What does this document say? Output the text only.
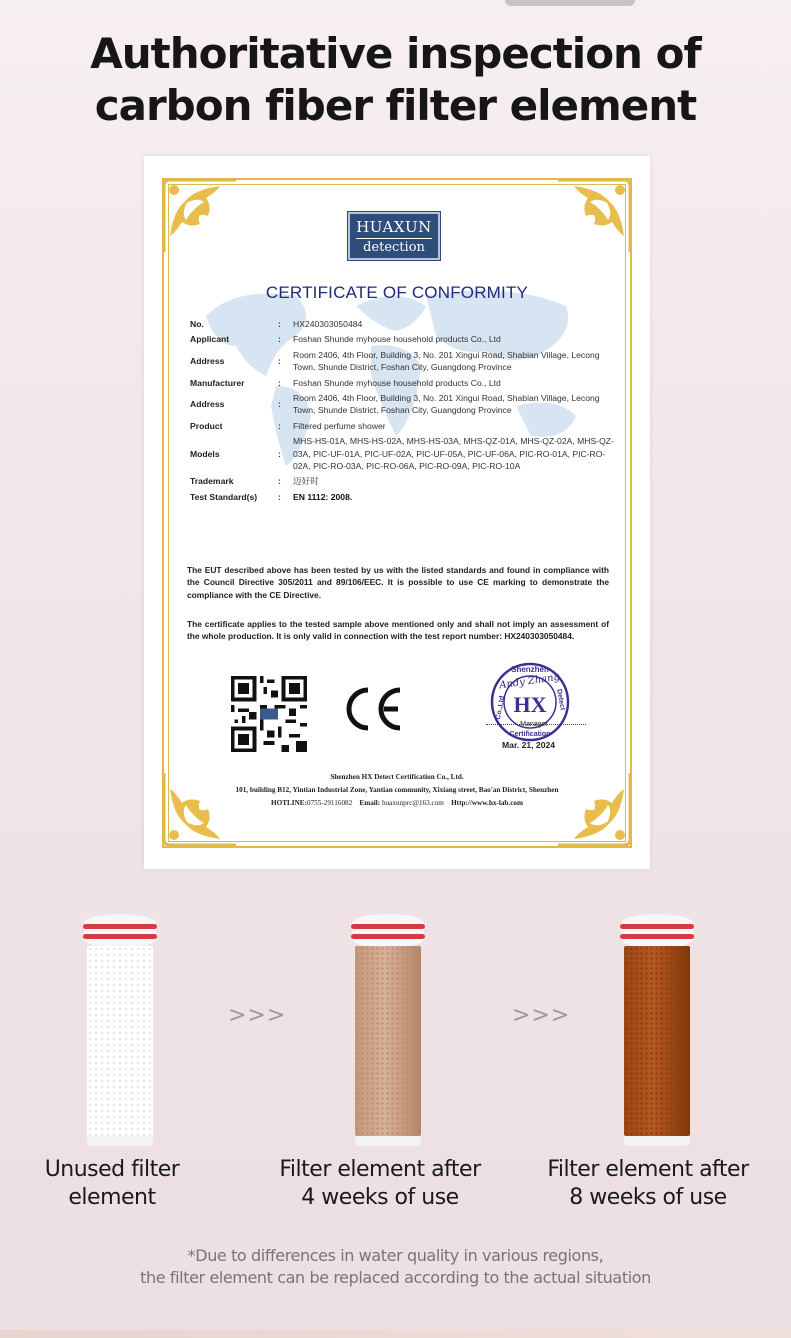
Authoritative inspection of
carbon fiber filter element
HUAXUN
detection
CERTIFICATE OF CONFORMITY
No.	:	HX240303050484
Applicant	:	Foshan Shunde myhouse household products Co., Ltd
Address	:
Room 2406, 4th Floor, Building 3, No. 201 Xingui Road, Shabian Village, Lecong Town, Shunde District, Foshan City, Guangdong Province
Manufacturer	:	Foshan Shunde myhouse household products Co., Ltd
Address	:
Room 2406, 4th Floor, Building 3, No. 201 Xingui Road, Shabian Village, Lecong Town, Shunde District, Foshan City, Guangdong Province
Product	:	Filtered perfume shower
Models	:
MHS-HS-01A, MHS-HS-02A, MHS-HS-03A, MHS-QZ-01A, MHS-QZ-02A, MHS-QZ-03A, PIC-UF-01A, PIC-UF-02A, PIC-UF-05A, PIC-UF-06A, PIC-RO-01A, PIC-RO-02A, PIC-RO-03A, PIC-RO-06A, PIC-RO-09A, PIC-RO-10A
Trademark	:	迈好时
Test Standard(s)	:	EN 1112: 2008.

The EUT described above has been tested by us with the listed standards and found in compliance with the Council Directive 305/2011 and 89/106/EEC. It is possible to use CE marking to demonstrate the compliance with the CE Directive.

The certificate applies to the tested sample above mentioned only and shall not imply an assessment of the whole production. It is only valid in connection with the test report number: HX240303050484.

Shenzhen
HX
Co.,Ltd	Detect
Certification
Andy Zhang
Manager
Mar. 21, 2024
Shenzhen HX Detect Certification Co., Ltd.
101, building B12, Yintian Industrial Zone, Yantian community, Xixiang street, Bao'an District, Shenzhen
HOTLINE:0755-29116082 Email: huaxunprc@163.com Http://www.hx-lab.com
>>>	>>>
Unused filter
element
Filter element after
4 weeks of use
Filter element after
8 weeks of use
*Due to differences in water quality in various regions,
the filter element can be replaced according to the actual situation
